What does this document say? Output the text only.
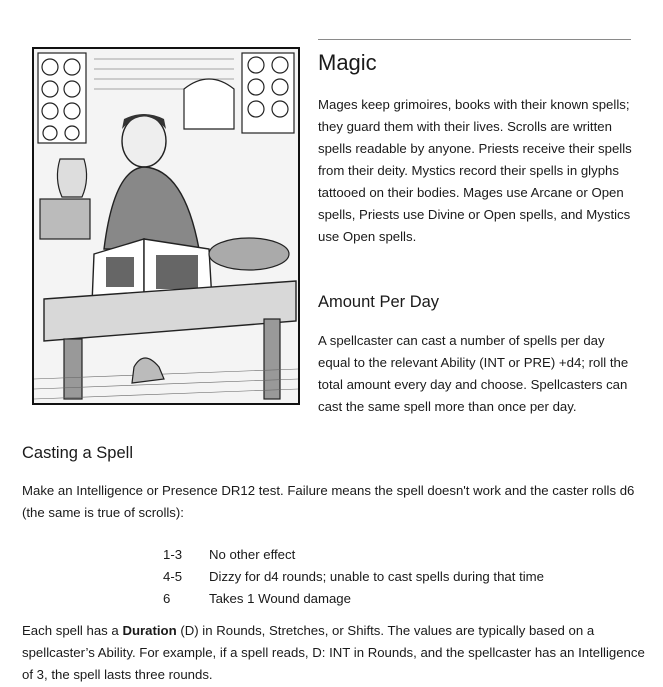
Magic

Mages keep grimoires, books with their known spells; they guard them with their lives. Scrolls are written spells readable by anyone. Priests receive their spells from their deity. Mystics record their spells in glyphs tattooed on their bodies. Mages use Arcane or Open spells, Priests use Divine or Open spells, and Mystics use Open spells.

Amount Per Day

A spellcaster can cast a number of spells per day equal to the relevant Ability (INT or PRE) +d4; roll the total amount every day and choose. Spellcasters can cast the same spell more than once per day.

Casting a Spell

Make an Intelligence or Presence DR12 test. Failure means the spell doesn't work and the caster rolls d6 (the same is true of scrolls):

1-3	No other effect
4-5	Dizzy for d4 rounds; unable to cast spells during that time
6	Takes 1 Wound damage

Each spell has a Duration (D) in Rounds, Stretches, or Shifts. The values are typically based on a spellcaster’s Ability. For example, if a spell reads, D: INT in Rounds, and the spellcaster has an Intelligence of 3, the spell lasts three rounds.
